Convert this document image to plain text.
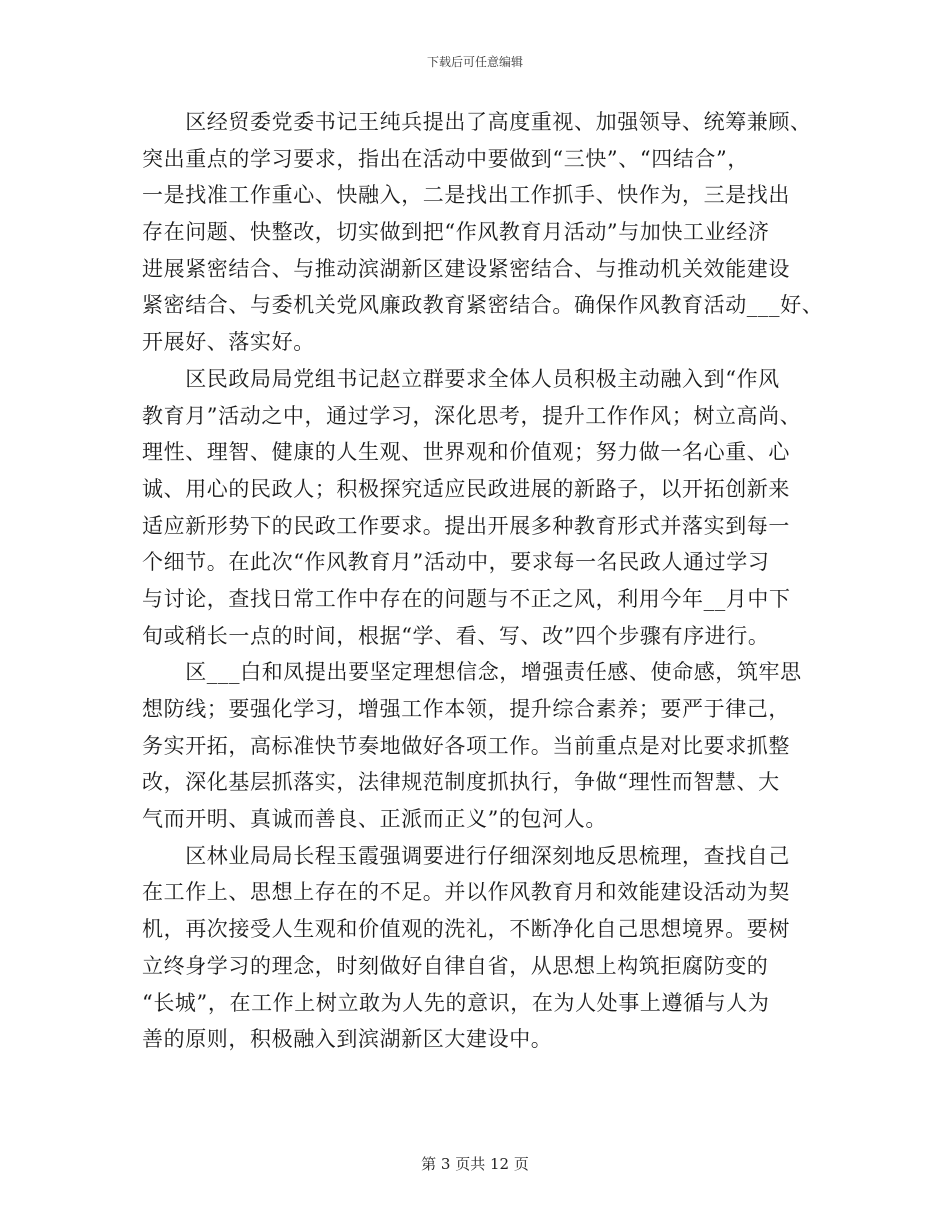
下载后可任意编辑
　　区经贸委党委书记王纯兵提出了高度重视、加强领导、统筹兼顾、
突出重点的学习要求，指出在活动中要做到“三快”、“四结合”，
一是找准工作重心、快融入，二是找出工作抓手、快作为，三是找出
存在问题、快整改，切实做到把“作风教育月活动”与加快工业经济
进展紧密结合、与推动滨湖新区建设紧密结合、与推动机关效能建设
紧密结合、与委机关党风廉政教育紧密结合。确保作风教育活动___好、
开展好、落实好。
　　区民政局局党组书记赵立群要求全体人员积极主动融入到“作风
教育月”活动之中，通过学习，深化思考，提升工作作风；树立高尚、
理性、理智、健康的人生观、世界观和价值观；努力做一名心重、心
诚、用心的民政人；积极探究适应民政进展的新路子，以开拓创新来
适应新形势下的民政工作要求。提出开展多种教育形式并落实到每一
个细节。在此次“作风教育月”活动中，要求每一名民政人通过学习
与讨论，查找日常工作中存在的问题与不正之风，利用今年__月中下
旬或稍长一点的时间，根据“学、看、写、改”四个步骤有序进行。
　　区___白和凤提出要坚定理想信念，增强责任感、使命感，筑牢思
想防线；要强化学习，增强工作本领，提升综合素养；要严于律己，
务实开拓，高标准快节奏地做好各项工作。当前重点是对比要求抓整
改，深化基层抓落实，法律规范制度抓执行，争做“理性而智慧、大
气而开明、真诚而善良、正派而正义”的包河人。
　　区林业局局长程玉霞强调要进行仔细深刻地反思梳理，查找自己
在工作上、思想上存在的不足。并以作风教育月和效能建设活动为契
机，再次接受人生观和价值观的洗礼，不断净化自己思想境界。要树
立终身学习的理念，时刻做好自律自省，从思想上构筑拒腐防变的
“长城”，在工作上树立敢为人先的意识，在为人处事上遵循与人为
善的原则，积极融入到滨湖新区大建设中。
第 3 页共 12 页
